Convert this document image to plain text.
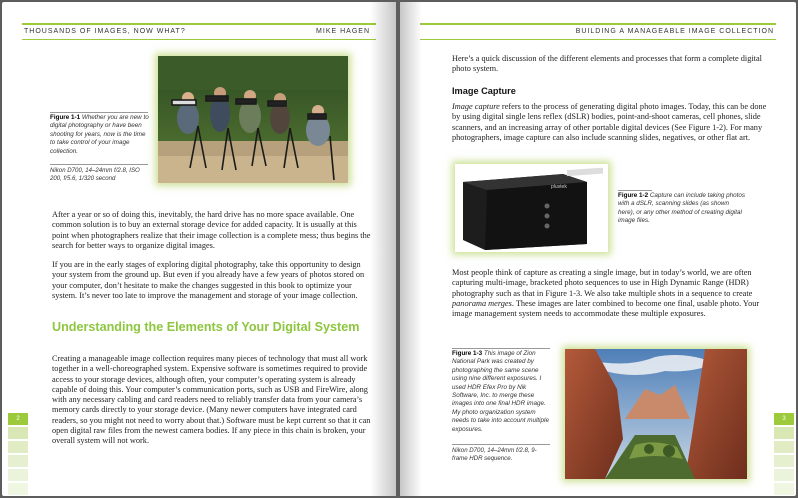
THOUSANDS OF IMAGES, NOW WHAT?	MIKE HAGEN
Figure 1-1 Whether you are new to digital photography or have been shooting for years, now is the time to take control of your image collection.
Nikon D700, 14–24mm f/2.8, ISO 200, f/5.6, 1/320 second

After a year or so of doing this, inevitably, the hard drive has no more space available. One common solution is to buy an external storage device for added capacity. It is usually at this point when photographers realize that their image collection is a complete mess; thus begins the search for better ways to organize digital images.

If you are in the early stages of exploring digital photography, take this opportunity to design your system from the ground up. But even if you already have a few years of photos stored on your computer, don’t hesitate to make the changes suggested in this book to optimize your system. It’s never too late to improve the management and storage of your image collection.

Understanding the Elements of Your Digital System

Creating a manageable image collection requires many pieces of technology that must all work together in a well-choreographed system. Expensive software is sometimes required to provide access to your storage devices, although often, your computer’s operating system is already capable of doing this. Your computer’s communication ports, such as USB and FireWire, along with any necessary cabling and card readers need to reliably transfer data from your camera’s memory cards directly to your storage device. (Many newer computers have integrated card readers, so you might not need to worry about that.) Software must be kept current so that it can open digital raw files from the newest camera bodies. If any piece in this chain is broken, your overall system will not work.

2
BUILDING A MANAGEABLE IMAGE COLLECTION

Here’s a quick discussion of the different elements and processes that form a complete digital photo system.

Image Capture

Image capture refers to the process of generating digital photo images. Today, this can be done by using digital single lens reflex (dSLR) bodies, point-and-shoot cameras, cell phones, slide scanners, and an increasing array of other portable digital devices (See Figure 1-2). For many photographers, image capture can also include scanning slides, negatives, or other flat art.

plustek
Figure 1-2 Capture can include taking photos with a dSLR, scanning slides (as shown here), or any other method of creating digital image files.

Most people think of capture as creating a single image, but in today’s world, we are often capturing multi-image, bracketed photo sequences to use in High Dynamic Range (HDR) photography such as that in Figure 1-3. We also take multiple shots in a sequence to create panorama merges. These images are later combined to become one final, usable photo. Your image management system needs to accommodate these multiple exposures.

Figure 1-3 This image of Zion National Park was created by photographing the same scene using nine different exposures. I used HDR Efex Pro by Nik Software, Inc. to merge these images into one final HDR image. My photo organization system needs to take into account multiple exposures.
Nikon D700, 14–24mm f/2.8, 9-frame HDR sequence.
3
